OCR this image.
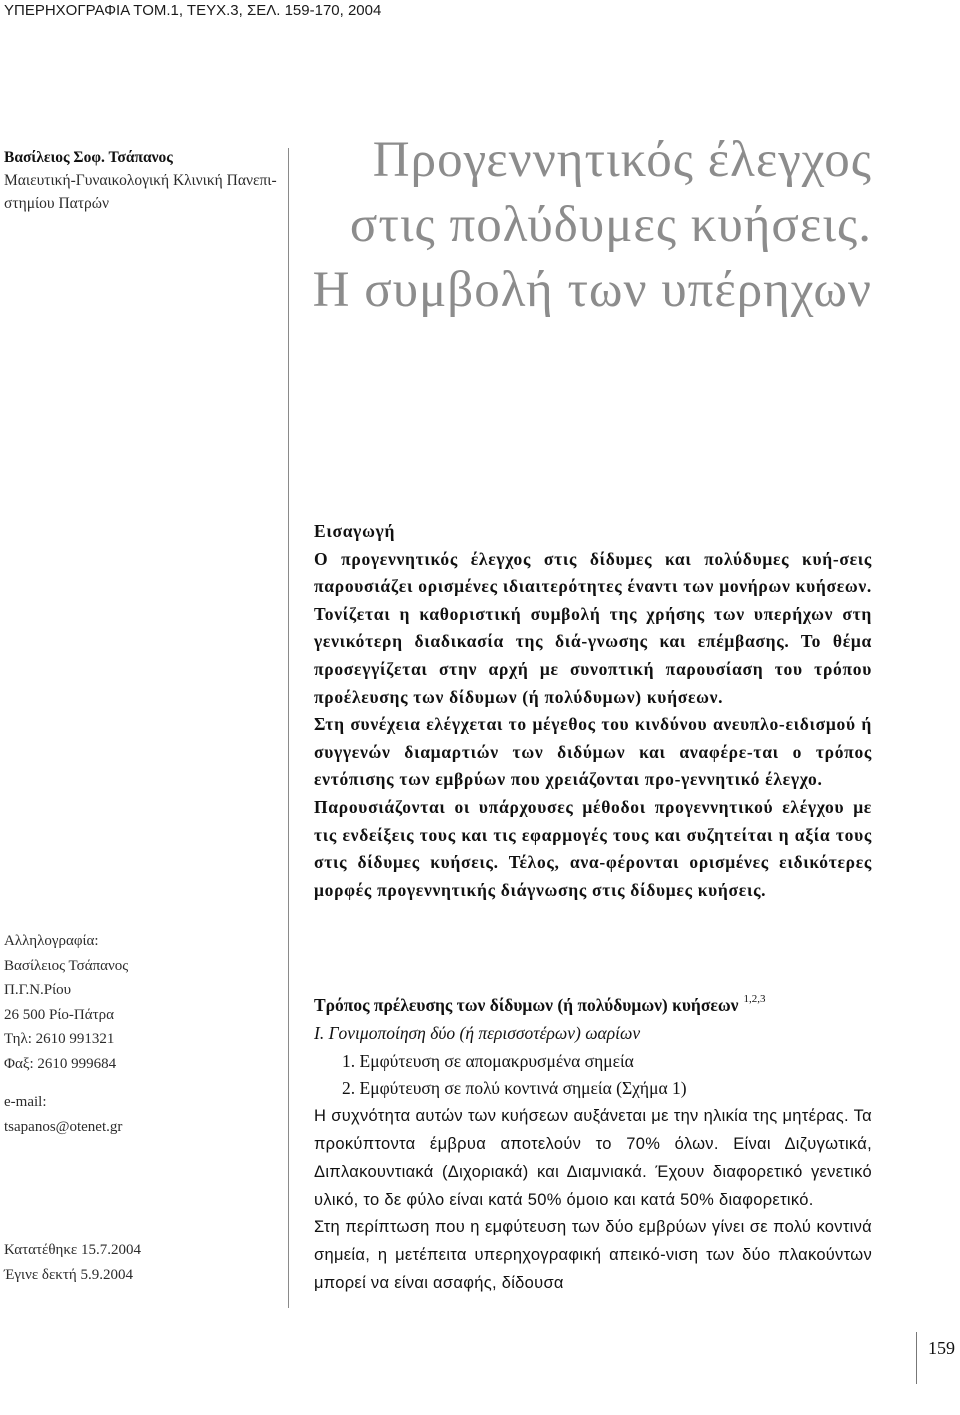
ΥΠΕΡΗΧΟΓΡΑΦΙΑ ΤΟΜ.1, ΤΕΥΧ.3, ΣΕΛ. 159-170, 2004
Βασίλειος Σοφ. Τσάπανος
Μαιευτική-Γυναικολογική Κλινική Πανεπι-στημίου Πατρών
Προγεννητικός έλεγχος
στις πολύδυμες κυήσεις.
Η συμβολή των υπέρηχων
Εισαγωγή

Ο προγεννητικός έλεγχος στις δίδυμες και πολύδυμες κυή-σεις παρουσιάζει ορισμένες ιδιαιτερότητες έναντι των μονήρων κυήσεων. Τονίζεται η καθοριστική συμβολή της χρήσης των υπερήχων στη γενικότερη διαδικασία της διά-γνωσης και επέμβασης. Το θέμα προσεγγίζεται στην αρχή με συνοπτική παρουσίαση του τρόπου προέλευσης των δίδυμων (ή πολύδυμων) κυήσεων.

Στη συνέχεια ελέγχεται το μέγεθος του κινδύνου ανευπλο-ειδισμού ή συγγενών διαμαρτιών των διδύμων και αναφέρε-ται ο τρόπος εντόπισης των εμβρύων που χρειάζονται προ-γεννητικό έλεγχο.

Παρουσιάζονται οι υπάρχουσες μέθοδοι προγεννητικού ελέγχου με τις ενδείξεις τους και τις εφαρμογές τους και συζητείται η αξία τους στις δίδυμες κυήσεις. Τέλος, ανα-φέρονται ορισμένες ειδικότερες μορφές προγεννητικής διάγνωσης στις δίδυμες κυήσεις.

Αλληλογραφία:
Βασίλειος Τσάπανος
Π.Γ.Ν.Ρίου
26 500 Ρίο-Πάτρα
Τηλ: 2610 991321
Φαξ: 2610 999684
e-mail:
tsapanos@otenet.gr
Τρόπος πρέλευσης των δίδυμων (ή πολύδυμων) κυήσεων $^{1,2,3}$
Ι. Γονιμοποίηση δύο (ή περισσοτέρων) ωαρίων
1. Εμφύτευση σε απομακρυσμένα σημεία
2. Εμφύτευση σε πολύ κοντινά σημεία (Σχήμα 1)

Η συχνότητα αυτών των κυήσεων αυξάνεται με την ηλικία της μητέρας. Τα προκύπτοντα έμβρυα αποτελούν το 70% όλων. Είναι Διζυγωτικά, Διπλακουντιακά (Διχοριακά) και Διαμνιακά. Έχουν διαφορετικό γενετικό υλικό, το δε φύλο είναι κατά 50% όμοιο και κατά 50% διαφορετικό.

Στη περίπτωση που η εμφύτευση των δύο εμβρύων γίνει σε πολύ κοντινά σημεία, η μετέπειτα υπερηχογραφική απεικό-νιση των δύο πλακούντων μπορεί να είναι ασαφής, δίδουσα

Κατατέθηκε 15.7.2004
Έγινε δεκτή 5.9.2004
159
